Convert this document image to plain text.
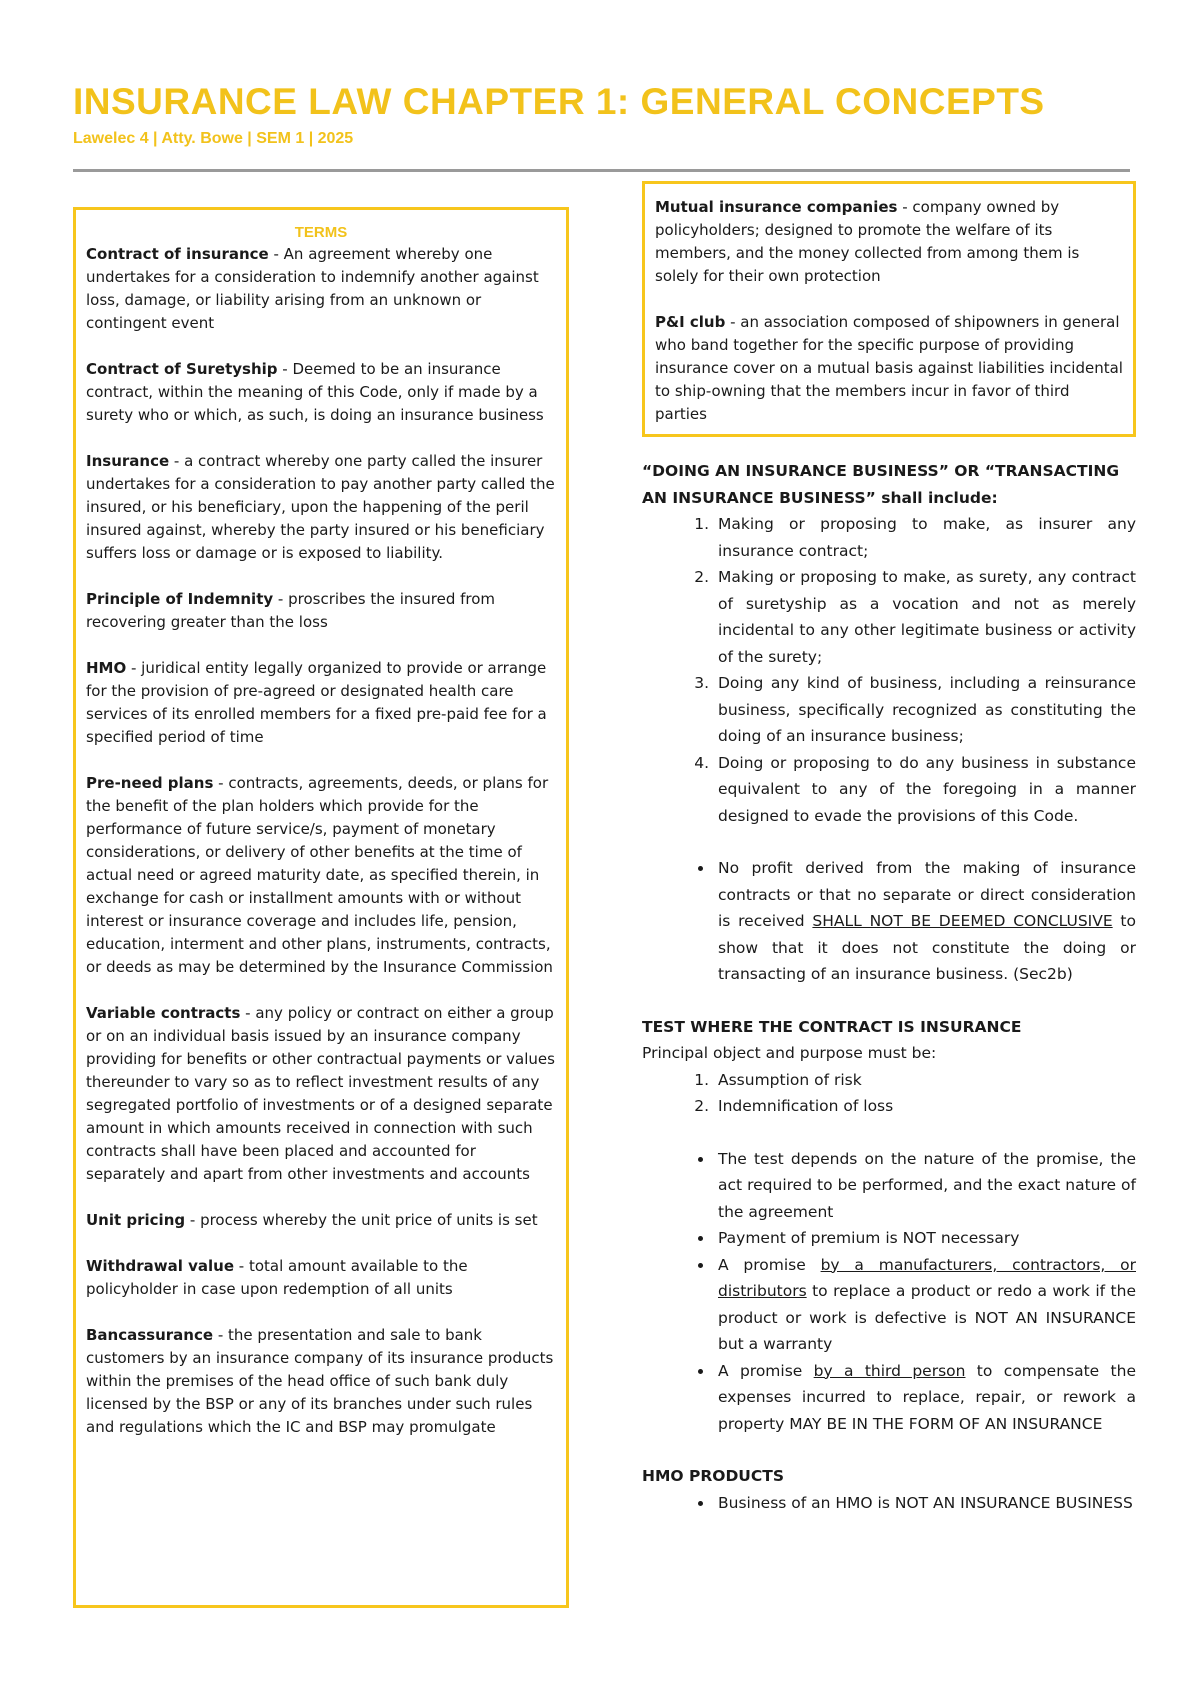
INSURANCE LAW CHAPTER 1: GENERAL CONCEPTS
Lawelec 4 | Atty. Bowe | SEM 1 | 2025
TERMS

Contract of insurance - An agreement whereby one undertakes for a consideration to indemnify another against loss, damage, or liability arising from an unknown or contingent event

Contract of Suretyship - Deemed to be an insurance contract, within the meaning of this Code, only if made by a surety who or which, as such, is doing an insurance business

Insurance - a contract whereby one party called the insurer undertakes for a consideration to pay another party called the insured, or his beneficiary, upon the happening of the peril insured against, whereby the party insured or his beneficiary suffers loss or damage or is exposed to liability.

Principle of Indemnity - proscribes the insured from recovering greater than the loss

HMO - juridical entity legally organized to provide or arrange for the provision of pre-agreed or designated health care services of its enrolled members for a fixed pre-paid fee for a specified period of time

Pre-need plans - contracts, agreements, deeds, or plans for the benefit of the plan holders which provide for the performance of future service/s, payment of monetary considerations, or delivery of other benefits at the time of actual need or agreed maturity date, as specified therein, in exchange for cash or installment amounts with or without interest or insurance coverage and includes life, pension, education, interment and other plans, instruments, contracts, or deeds as may be determined by the Insurance Commission

Variable contracts - any policy or contract on either a group or on an individual basis issued by an insurance company providing for benefits or other contractual payments or values thereunder to vary so as to reflect investment results of any segregated portfolio of investments or of a designed separate amount in which amounts received in connection with such contracts shall have been placed and accounted for separately and apart from other investments and accounts

Unit pricing - process whereby the unit price of units is set

Withdrawal value - total amount available to the policyholder in case upon redemption of all units

Bancassurance - the presentation and sale to bank customers by an insurance company of its insurance products within the premises of the head office of such bank duly licensed by the BSP or any of its branches under such rules and regulations which the IC and BSP may promulgate

Mutual insurance companies - company owned by policyholders; designed to promote the welfare of its members, and the money collected from among them is solely for their own protection

P&I club - an association composed of shipowners in general who band together for the specific purpose of providing insurance cover on a mutual basis against liabilities incidental to ship-owning that the members incur in favor of third parties

“DOING AN INSURANCE BUSINESS” OR “TRANSACTING AN INSURANCE BUSINESS” shall include:

1. Making or proposing to make, as insurer any insurance contract;
2. Making or proposing to make, as surety, any contract of suretyship as a vocation and not as merely incidental to any other legitimate business or activity of the surety;
3. Doing any kind of business, including a reinsurance business, specifically recognized as constituting the doing of an insurance business;
4. Doing or proposing to do any business in substance equivalent to any of the foregoing in a manner designed to evade the provisions of this Code.
• No profit derived from the making of insurance contracts or that no separate or direct consideration is received SHALL NOT BE DEEMED CONCLUSIVE to show that it does not constitute the doing or transacting of an insurance business. (Sec2b)

TEST WHERE THE CONTRACT IS INSURANCE

Principal object and purpose must be:

1. Assumption of risk
2. Indemnification of loss
• The test depends on the nature of the promise, the act required to be performed, and the exact nature of the agreement
• Payment of premium is NOT necessary
• A promise by a manufacturers, contractors, or distributors to replace a product or redo a work if the product or work is defective is NOT AN INSURANCE but a warranty
• A promise by a third person to compensate the expenses incurred to replace, repair, or rework a property MAY BE IN THE FORM OF AN INSURANCE

HMO PRODUCTS

• Business of an HMO is NOT AN INSURANCE BUSINESS
